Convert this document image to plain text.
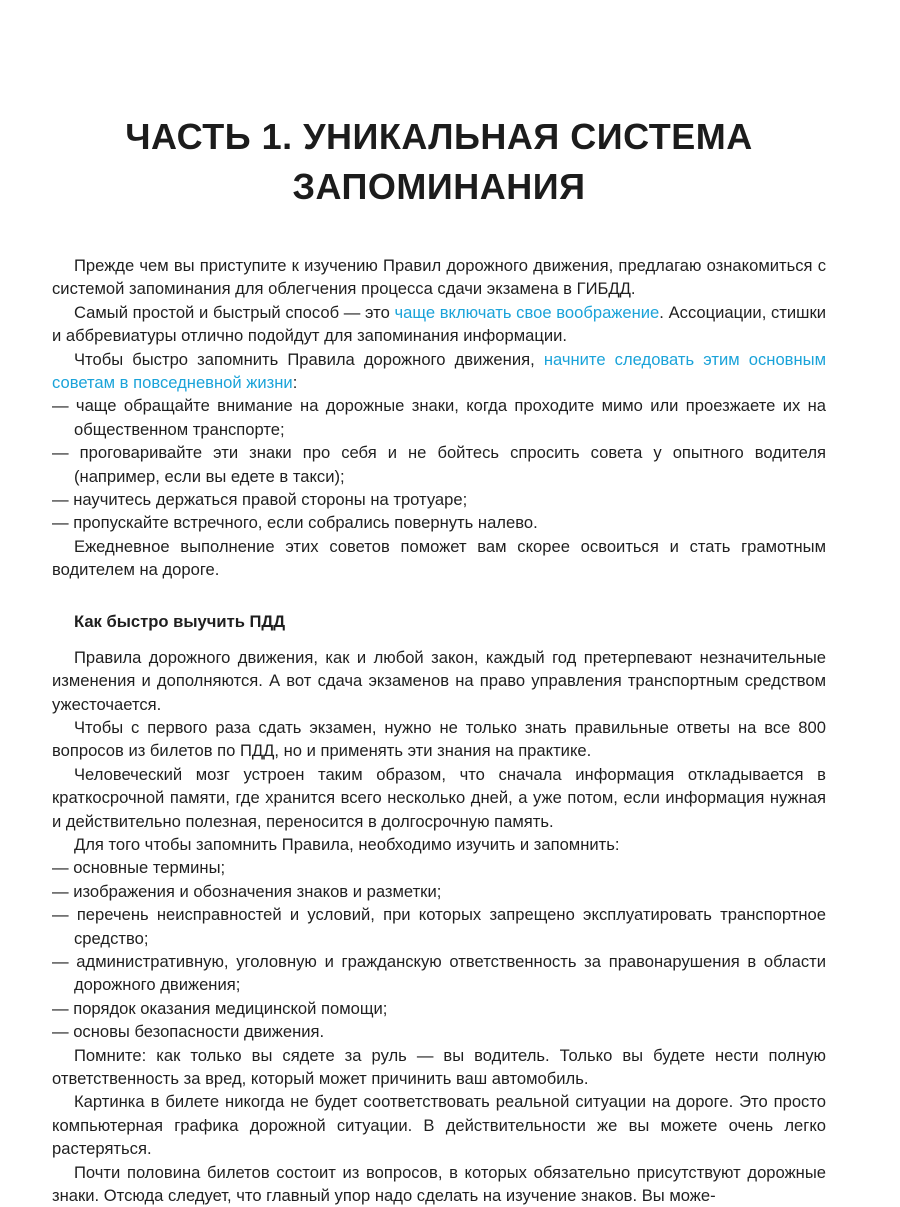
ЧАСТЬ 1. УНИКАЛЬНАЯ СИСТЕМА
ЗАПОМИНАНИЯ

Прежде чем вы приступите к изучению Правил дорожного движения, предлагаю ознакомиться с системой запоминания для облегчения процесса сдачи экзамена в ГИБДД.

Самый простой и быстрый способ — это чаще включать свое воображение. Ассоциации, стишки и аббревиатуры отлично подойдут для запоминания информации.

Чтобы быстро запомнить Правила дорожного движения, начните следовать этим основным советам в повседневной жизни:

— чаще обращайте внимание на дорожные знаки, когда проходите мимо или проезжаете их на общественном транспорте;

— проговаривайте эти знаки про себя и не бойтесь спросить совета у опытного водителя (например, если вы едете в такси);

— научитесь держаться правой стороны на тротуаре;

— пропускайте встречного, если собрались повернуть налево.

Ежедневное выполнение этих советов поможет вам скорее освоиться и стать грамотным водителем на дороге.

Как быстро выучить ПДД

Правила дорожного движения, как и любой закон, каждый год претерпевают незначительные изменения и дополняются. А вот сдача экзаменов на право управления транспортным средством ужесточается.

Чтобы с первого раза сдать экзамен, нужно не только знать правильные ответы на все 800 вопросов из билетов по ПДД, но и применять эти знания на практике.

Человеческий мозг устроен таким образом, что сначала информация откладывается в краткосрочной памяти, где хранится всего несколько дней, а уже потом, если информация нужная и действительно полезная, переносится в долгосрочную память.

Для того чтобы запомнить Правила, необходимо изучить и запомнить:

— основные термины;

— изображения и обозначения знаков и разметки;

— перечень неисправностей и условий, при которых запрещено эксплуатировать транспортное средство;

— административную, уголовную и гражданскую ответственность за правонарушения в области дорожного движения;

— порядок оказания медицинской помощи;

— основы безопасности движения.

Помните: как только вы сядете за руль — вы водитель. Только вы будете нести полную ответственность за вред, который может причинить ваш автомобиль.

Картинка в билете никогда не будет соответствовать реальной ситуации на дороге. Это просто компьютерная графика дорожной ситуации. В действительности же вы можете очень легко растеряться.

Почти половина билетов состоит из вопросов, в которых обязательно присутствуют дорожные знаки. Отсюда следует, что главный упор надо сделать на изучение знаков. Вы може-
